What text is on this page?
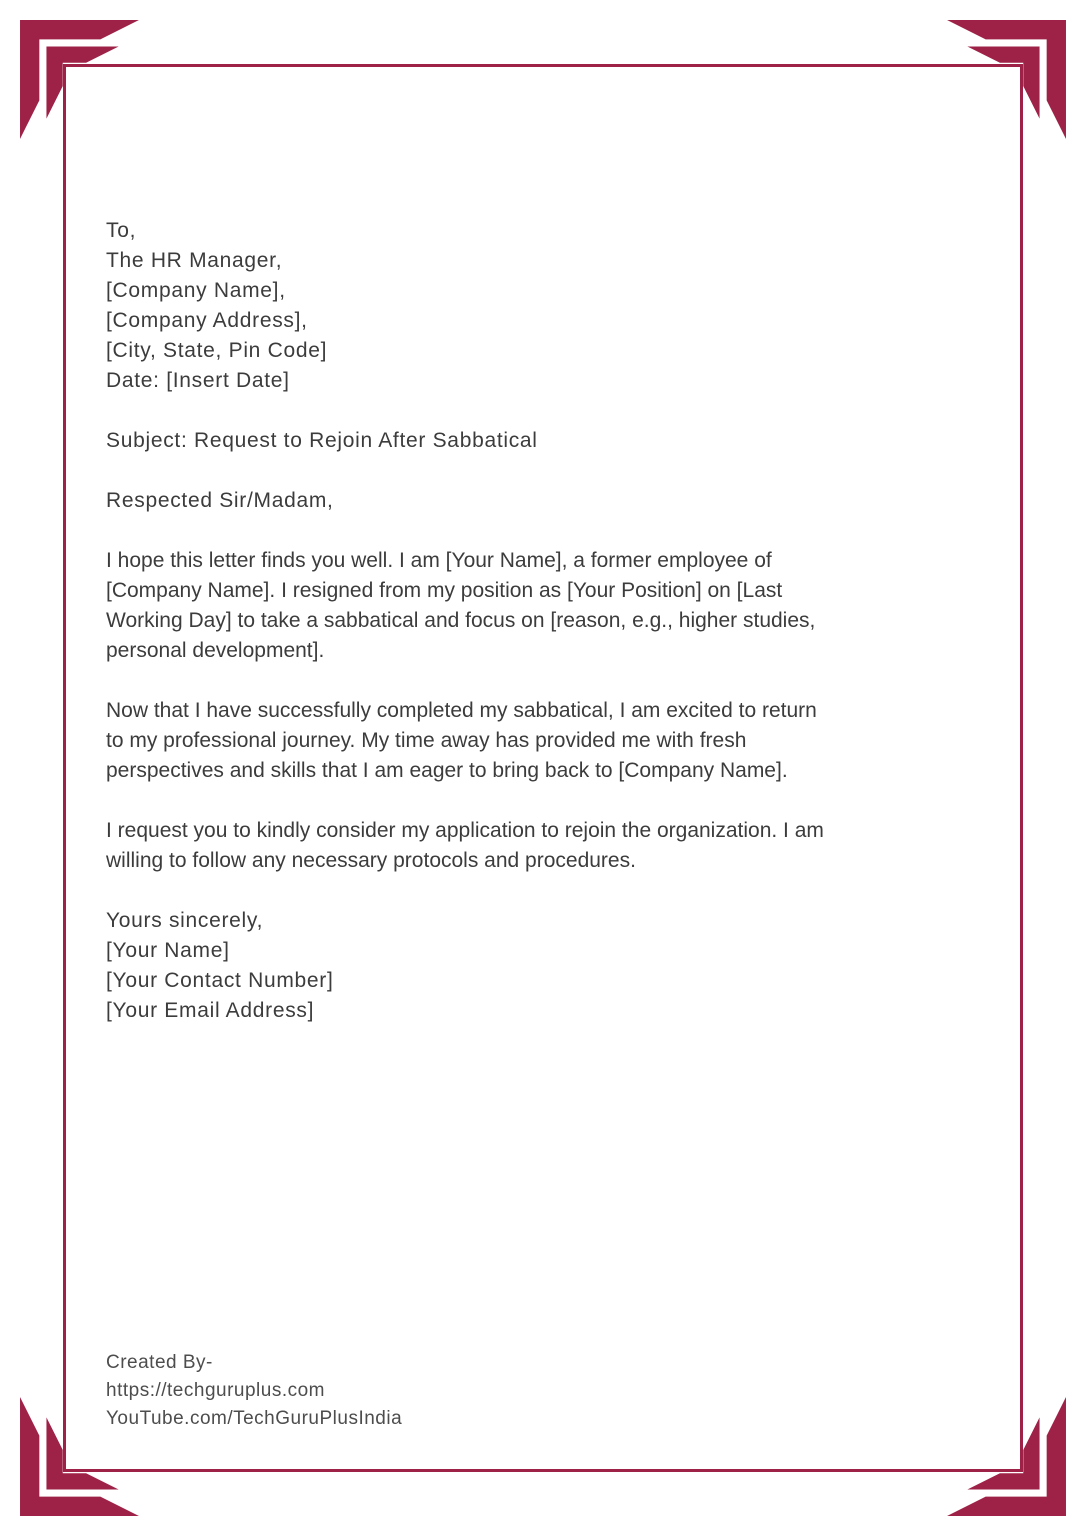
To,
The HR Manager,
[Company Name],
[Company Address],
[City, State, Pin Code]
Date: [Insert Date]
Subject: Request to Rejoin After Sabbatical
Respected Sir/Madam,
I hope this letter finds you well. I am [Your Name], a former employee of
[Company Name]. I resigned from my position as [Your Position] on [Last
Working Day] to take a sabbatical and focus on [reason, e.g., higher studies,
personal development].
Now that I have successfully completed my sabbatical, I am excited to return
to my professional journey. My time away has provided me with fresh
perspectives and skills that I am eager to bring back to [Company Name].
I request you to kindly consider my application to rejoin the organization. I am
willing to follow any necessary protocols and procedures.
Yours sincerely,
[Your Name]
[Your Contact Number]
[Your Email Address]
Created By-
https://techguruplus.com
YouTube.com/TechGuruPlusIndia
